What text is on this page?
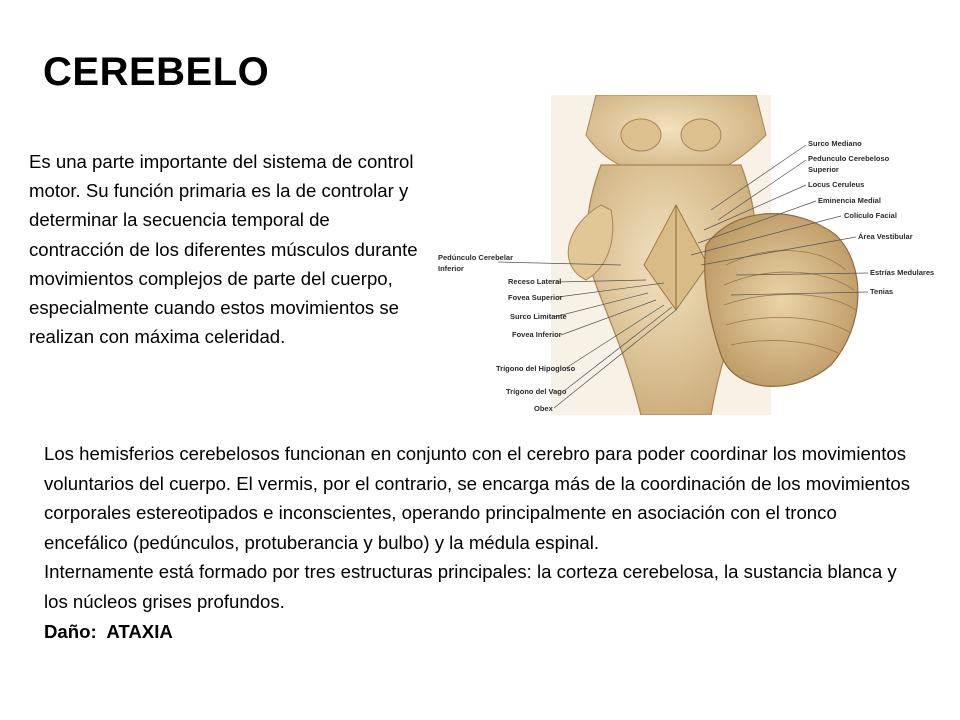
CEREBELO

Es una parte importante del sistema de control motor. Su función primaria es la de controlar y determinar la secuencia temporal de contracción de los diferentes músculos durante movimientos complejos de parte del cuerpo, especialmente cuando estos movimientos se realizan con máxima celeridad.

Surco Mediano
Pedunculo Cerebeloso
Superior
Locus Ceruleus
Eminencia Medial
Colículo Facial
Área Vestibular
Estrías Medulares
Tenias
Pedúnculo Cerebelar
Inferior
Receso Lateral
Fovea Superior
Surco Limitante
Fovea Inferior
Trígono del Hipogloso
Trígono del Vago
Obex

Los hemisferios cerebelosos funcionan en conjunto con el cerebro para poder coordinar los movimientos voluntarios del cuerpo. El vermis, por el contrario, se encarga más de la coordinación de los movimientos corporales estereotipados e inconscientes, operando principalmente en asociación con el tronco encefálico (pedúnculos, protuberancia y bulbo) y la médula espinal.

Internamente está formado por tres estructuras principales: la corteza cerebelosa, la sustancia blanca y los núcleos grises profundos.

Daño: ATAXIA
